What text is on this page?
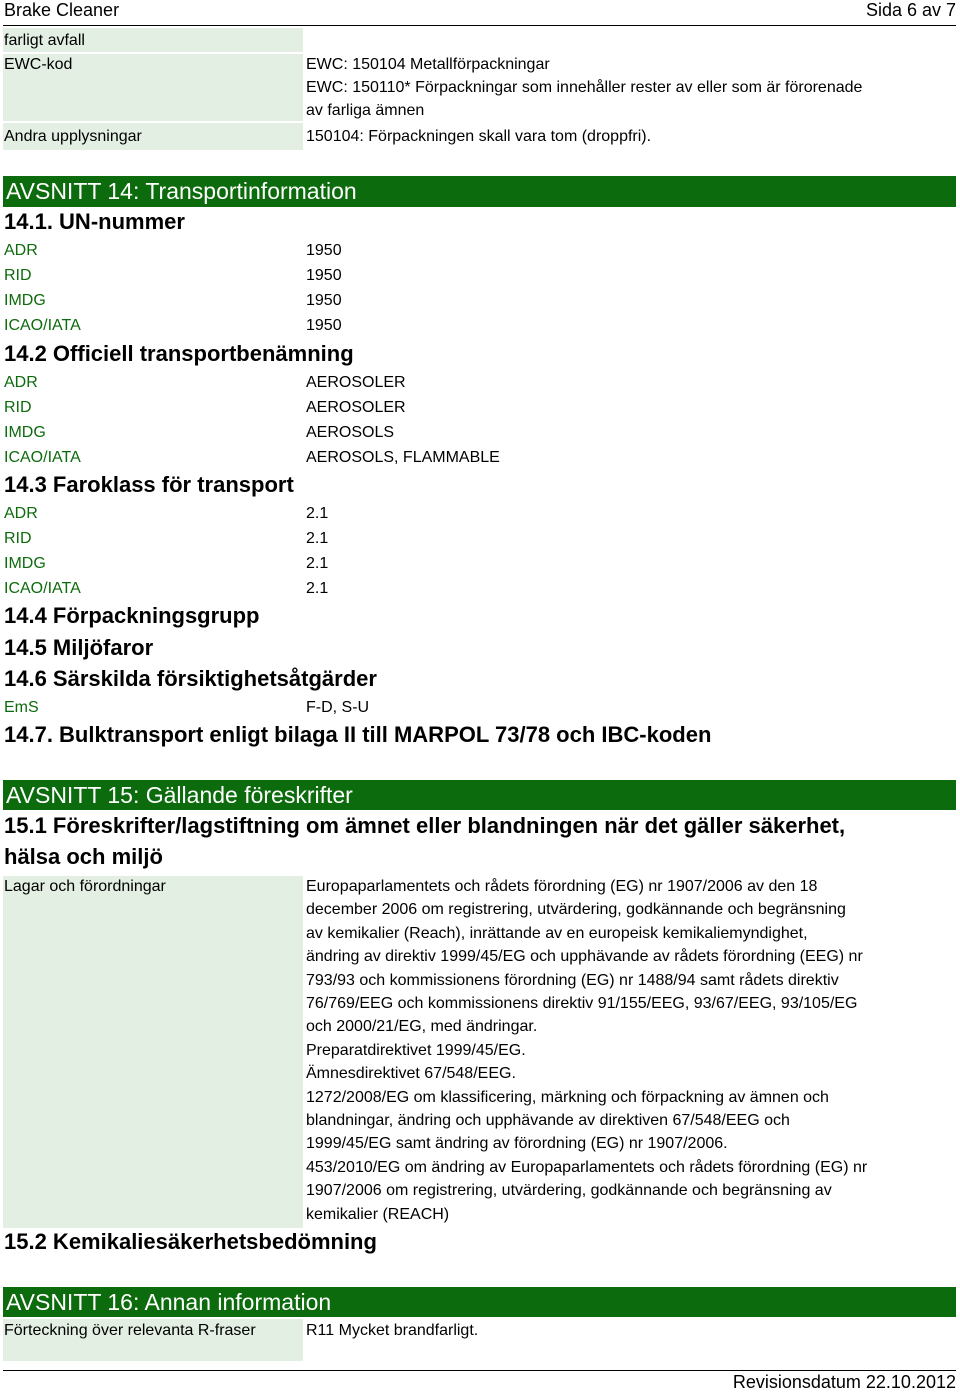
Brake Cleaner	Sida 6 av 7
farligt avfall
EWC-kod	EWC: 150104 Metallförpackningar
EWC: 150110* Förpackningar som innehåller rester av eller som är förorenade
av farliga ämnen
Andra upplysningar	150104: Förpackningen skall vara tom (droppfri).
AVSNITT 14: Transportinformation
14.1. UN-nummer
ADR	1950
RID	1950
IMDG	1950
ICAO/IATA	1950
14.2 Officiell transportbenämning
ADR	AEROSOLER
RID	AEROSOLER
IMDG	AEROSOLS
ICAO/IATA	AEROSOLS, FLAMMABLE
14.3 Faroklass för transport
ADR	2.1
RID	2.1
IMDG	2.1
ICAO/IATA	2.1
14.4 Förpackningsgrupp
14.5 Miljöfaror
14.6 Särskilda försiktighetsåtgärder
EmS	F-D, S-U
14.7. Bulktransport enligt bilaga II till MARPOL 73/78 och IBC-koden
AVSNITT 15: Gällande föreskrifter
15.1 Föreskrifter/lagstiftning om ämnet eller blandningen när det gäller säkerhet,
hälsa och miljö
Lagar och förordningar	Europaparlamentets och rådets förordning (EG) nr 1907/2006 av den 18
december 2006 om registrering, utvärdering, godkännande och begränsning
av kemikalier (Reach), inrättande av en europeisk kemikaliemyndighet,
ändring av direktiv 1999/45/EG och upphävande av rådets förordning (EEG) nr
793/93 och kommissionens förordning (EG) nr 1488/94 samt rådets direktiv
76/769/EEG och kommissionens direktiv 91/155/EEG, 93/67/EEG, 93/105/EG
och 2000/21/EG, med ändringar.
Preparatdirektivet 1999/45/EG.
Ämnesdirektivet 67/548/EEG.
1272/2008/EG om klassificering, märkning och förpackning av ämnen och
blandningar, ändring och upphävande av direktiven 67/548/EEG och
1999/45/EG samt ändring av förordning (EG) nr 1907/2006.
453/2010/EG om ändring av Europaparlamentets och rådets förordning (EG) nr
1907/2006 om registrering, utvärdering, godkännande och begränsning av
kemikalier (REACH)
15.2 Kemikaliesäkerhetsbedömning
AVSNITT 16: Annan information
Förteckning över relevanta R-fraser	R11 Mycket brandfarligt.
Revisionsdatum 22.10.2012
